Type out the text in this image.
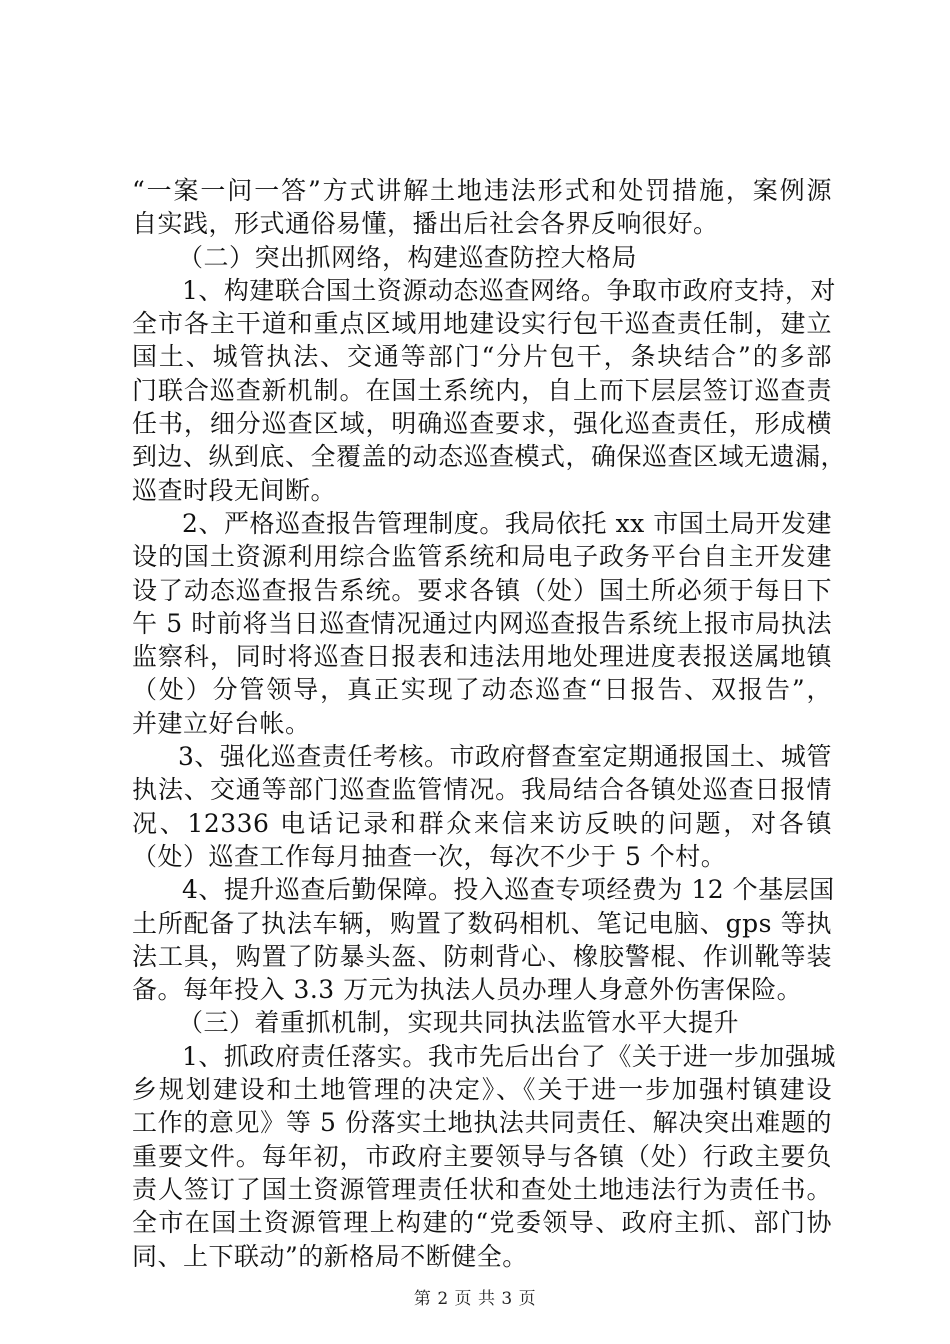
“一案一问一答”方式讲解土地违法形式和处罚措施，案例源
自实践，形式通俗易懂，播出后社会各界反响很好。
（二）突出抓网络，构建巡查防控大格局
1、构建联合国土资源动态巡查网络。争取市政府支持，对
全市各主干道和重点区域用地建设实行包干巡查责任制，建立
国土、城管执法、交通等部门“分片包干，条块结合”的多部
门联合巡查新机制。在国土系统内，自上而下层层签订巡查责
任书，细分巡查区域，明确巡查要求，强化巡查责任，形成横
到边、纵到底、全覆盖的动态巡查模式，确保巡查区域无遗漏，
巡查时段无间断。
2、严格巡查报告管理制度。我局依托 xx 市国土局开发建
设的国土资源利用综合监管系统和局电子政务平台自主开发建
设了动态巡查报告系统。要求各镇（处）国土所必须于每日下
午 5 时前将当日巡查情况通过内网巡查报告系统上报市局执法
监察科，同时将巡查日报表和违法用地处理进度表报送属地镇
（处）分管领导，真正实现了动态巡查“日报告、双报告”，
并建立好台帐。
3、强化巡查责任考核。市政府督查室定期通报国土、城管
执法、交通等部门巡查监管情况。我局结合各镇处巡查日报情
况、12336 电话记录和群众来信来访反映的问题，对各镇
（处）巡查工作每月抽查一次，每次不少于 5 个村。
4、提升巡查后勤保障。投入巡查专项经费为 12 个基层国
土所配备了执法车辆，购置了数码相机、笔记电脑、gps 等执
法工具，购置了防暴头盔、防刺背心、橡胶警棍、作训靴等装
备。每年投入 3.3 万元为执法人员办理人身意外伤害保险。
（三）着重抓机制，实现共同执法监管水平大提升
1、抓政府责任落实。我市先后出台了《关于进一步加强城
乡规划建设和土地管理的决定》、《关于进一步加强村镇建设
工作的意见》等 5 份落实土地执法共同责任、解决突出难题的
重要文件。每年初，市政府主要领导与各镇（处）行政主要负
责人签订了国土资源管理责任状和查处土地违法行为责任书。
全市在国土资源管理上构建的“党委领导、政府主抓、部门协
同、上下联动”的新格局不断健全。
第 2 页 共 3 页
